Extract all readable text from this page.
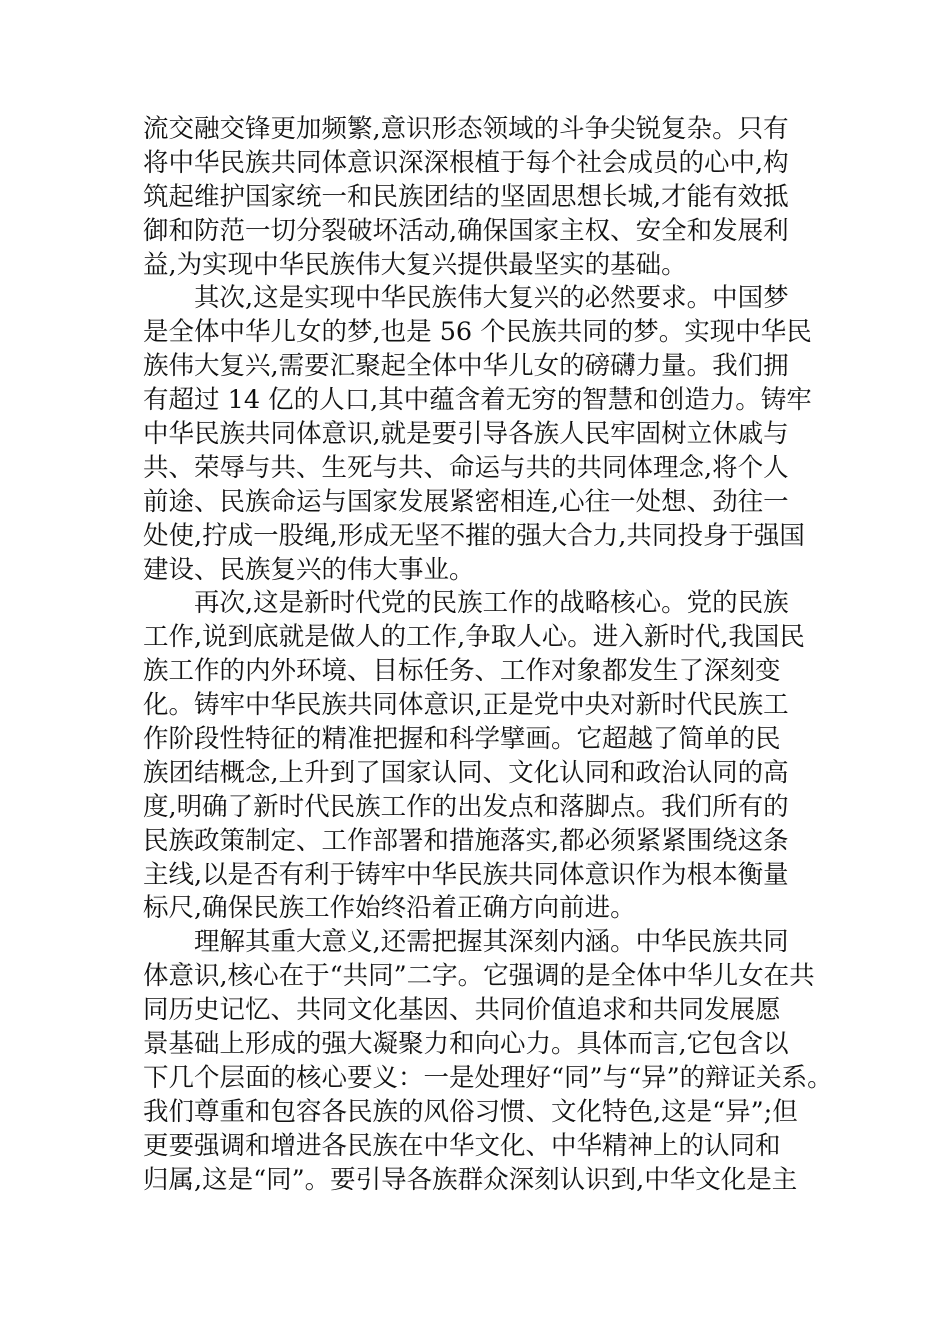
流交融交锋更加频繁,意识形态领域的斗争尖锐复杂。只有
将中华民族共同体意识深深根植于每个社会成员的心中,构
筑起维护国家统一和民族团结的坚固思想长城,才能有效抵
御和防范一切分裂破坏活动,确保国家主权、安全和发展利
益,为实现中华民族伟大复兴提供最坚实的基础。
其次,这是实现中华民族伟大复兴的必然要求。中国梦
是全体中华儿女的梦,也是 56 个民族共同的梦。实现中华民
族伟大复兴,需要汇聚起全体中华儿女的磅礴力量。我们拥
有超过 14 亿的人口,其中蕴含着无穷的智慧和创造力。铸牢
中华民族共同体意识,就是要引导各族人民牢固树立休戚与
共、荣辱与共、生死与共、命运与共的共同体理念,将个人
前途、民族命运与国家发展紧密相连,心往一处想、劲往一
处使,拧成一股绳,形成无坚不摧的强大合力,共同投身于强国
建设、民族复兴的伟大事业。
再次,这是新时代党的民族工作的战略核心。党的民族
工作,说到底就是做人的工作,争取人心。进入新时代,我国民
族工作的内外环境、目标任务、工作对象都发生了深刻变
化。铸牢中华民族共同体意识,正是党中央对新时代民族工
作阶段性特征的精准把握和科学擘画。它超越了简单的民
族团结概念,上升到了国家认同、文化认同和政治认同的高
度,明确了新时代民族工作的出发点和落脚点。我们所有的
民族政策制定、工作部署和措施落实,都必须紧紧围绕这条
主线,以是否有利于铸牢中华民族共同体意识作为根本衡量
标尺,确保民族工作始终沿着正确方向前进。
理解其重大意义,还需把握其深刻内涵。中华民族共同
体意识,核心在于“共同”二字。它强调的是全体中华儿女在共
同历史记忆、共同文化基因、共同价值追求和共同发展愿
景基础上形成的强大凝聚力和向心力。具体而言,它包含以
下几个层面的核心要义：一是处理好“同”与“异”的辩证关系。
我们尊重和包容各民族的风俗习惯、文化特色,这是“异”;但
更要强调和增进各民族在中华文化、中华精神上的认同和
归属,这是“同”。要引导各族群众深刻认识到,中华文化是主
